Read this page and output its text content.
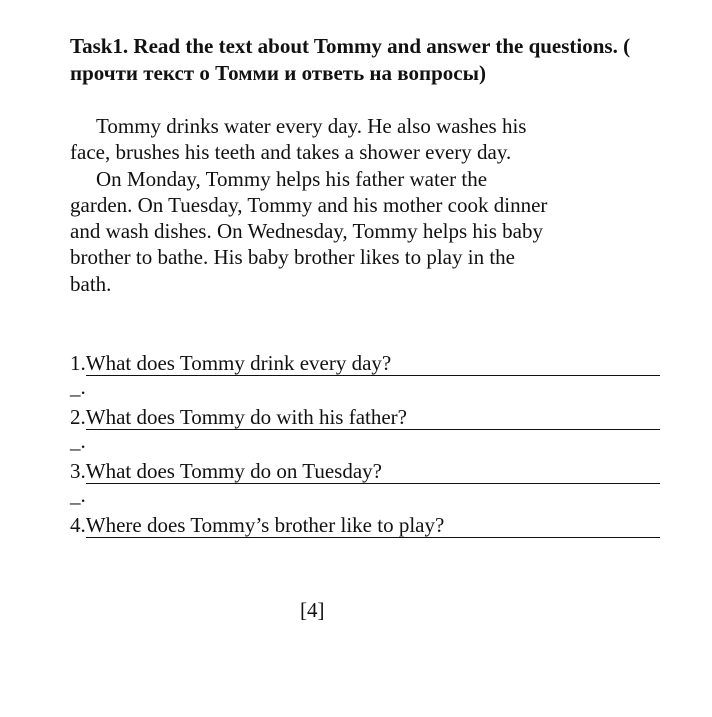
Task1. Read the text about Tommy and answer the questions. ( прочти текст о Томми и ответь на вопросы)

Tommy drinks water every day. He also washes his face, brushes his teeth and takes a shower every day.

On Monday, Tommy helps his father water the garden. On Tuesday, Tommy and his mother cook dinner and wash dishes. On Wednesday, Tommy helps his baby brother to bathe. His baby brother likes to play in the bath.

1. What does Tommy drink every day?
_.
2. What does Tommy do with his father?
_.
3. What does Tommy do on Tuesday?
_.
4. Where does Tommy’s brother like to play?

[4]
